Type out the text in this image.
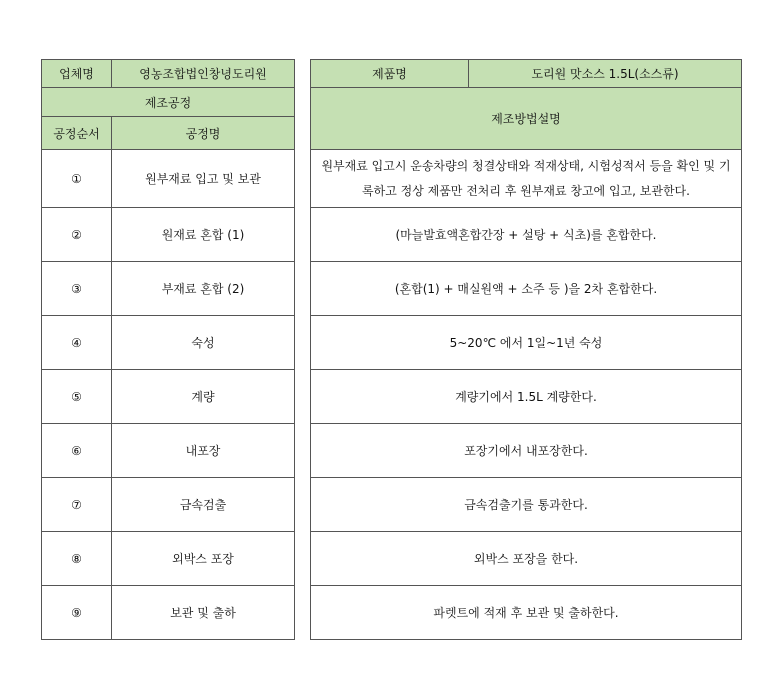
업체명	영농조합법인창녕도리원
제조공정	
공정순서	공정명
①	원부재료 입고 및 보관
②	원재료 혼합 (1)
③	부재료 혼합 (2)
④	숙성
⑤	계량
⑥	내포장
⑦	금속검출
⑧	외박스 포장
⑨	보관 및 출하
제품명	도리원 맛소스 1.5L(소스류)
제조방법설명
원부재료 입고시 운송차량의 청결상태와 적재상태, 시험성적서 등을 확인 및 기록하고 정상 제품만 전처리 후 원부재료 창고에 입고, 보관한다.
(마늘발효액혼합간장 + 설탕 + 식초)를 혼합한다.
(혼합(1) + 매실원액 + 소주 등 )을 2차 혼합한다.
5~20℃ 에서 1일~1년 숙성
계량기에서 1.5L 계량한다.
포장기에서 내포장한다.
금속검출기를 통과한다.
외박스 포장을 한다.
파렛트에 적재 후 보관 및 출하한다.
